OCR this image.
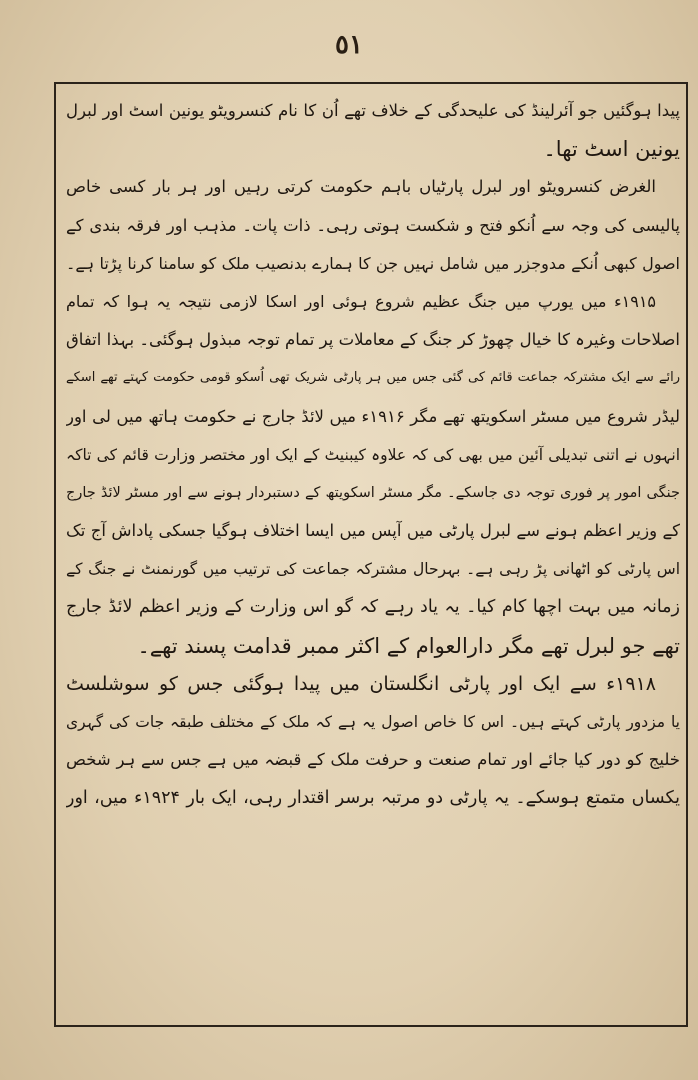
٥١
پیدا ہوگئیں جو آئرلینڈ کی علیحدگی کے خلاف تھے اُن کا نام کنسرویٹو یونین اسٹ اور لبرل
یونین اسٹ تھا۔
الغرض کنسرویٹو اور لبرل پارٹیاں باہم حکومت کرتی رہیں اور ہر بار کسی خاص
پالیسی کی وجہ سے اُنکو فتح و شکست ہوتی رہی۔ ذات پات۔ مذہب اور فرقہ بندی کے
اصول کبھی اُنکے مدوجزر میں شامل نہیں جن کا ہمارے بدنصیب ملک کو سامنا کرنا پڑتا ہے۔
۱۹۱۵ء میں یورپ میں جنگ عظیم شروع ہوئی اور اسکا لازمی نتیجہ یہ ہوا کہ تمام
اصلاحات وغیرہ کا خیال چھوڑ کر جنگ کے معاملات پر تمام توجہ مبذول ہوگئی۔ بہذا اتفاق
رائے سے ایک مشترکہ جماعت قائم کی گئی جس میں ہر پارٹی شریک تھی اُسکو قومی حکومت کہتے تھے اسکے
لیڈر شروع میں مسٹر اسکویتھ تھے مگر ۱۹۱۶ء میں لائڈ جارج نے حکومت ہاتھ میں لی اور
انہوں نے اتنی تبدیلی آئین میں بھی کی کہ علاوہ کیبنیٹ کے ایک اور مختصر وزارت قائم کی تاکہ
جنگی امور پر فوری توجہ دی جاسکے۔ مگر مسٹر اسکویتھ کے دستبردار ہونے سے اور مسٹر لائڈ جارج
کے وزیر اعظم ہونے سے لبرل پارٹی میں آپس میں ایسا اختلاف ہوگیا جسکی پاداش آج تک
اس پارٹی کو اٹھانی پڑ رہی ہے۔ بہرحال مشترکہ جماعت کی ترتیب میں گورنمنٹ نے جنگ کے
زمانہ میں بہت اچھا کام کیا۔ یہ یاد رہے کہ گو اس وزارت کے وزیر اعظم لائڈ جارج
تھے جو لبرل تھے مگر دارالعوام کے اکثر ممبر قدامت پسند تھے۔
۱۹۱۸ء سے ایک اور پارٹی انگلستان میں پیدا ہوگئی جس کو سوشلسٹ
یا مزدور پارٹی کہتے ہیں۔ اس کا خاص اصول یہ ہے کہ ملک کے مختلف طبقہ جات کی گہری
خلیج کو دور کیا جائے اور تمام صنعت و حرفت ملک کے قبضہ میں ہے جس سے ہر شخص
یکساں متمتع ہوسکے۔ یہ پارٹی دو مرتبہ برسر اقتدار رہی، ایک بار ۱۹۲۴ء میں، اور
